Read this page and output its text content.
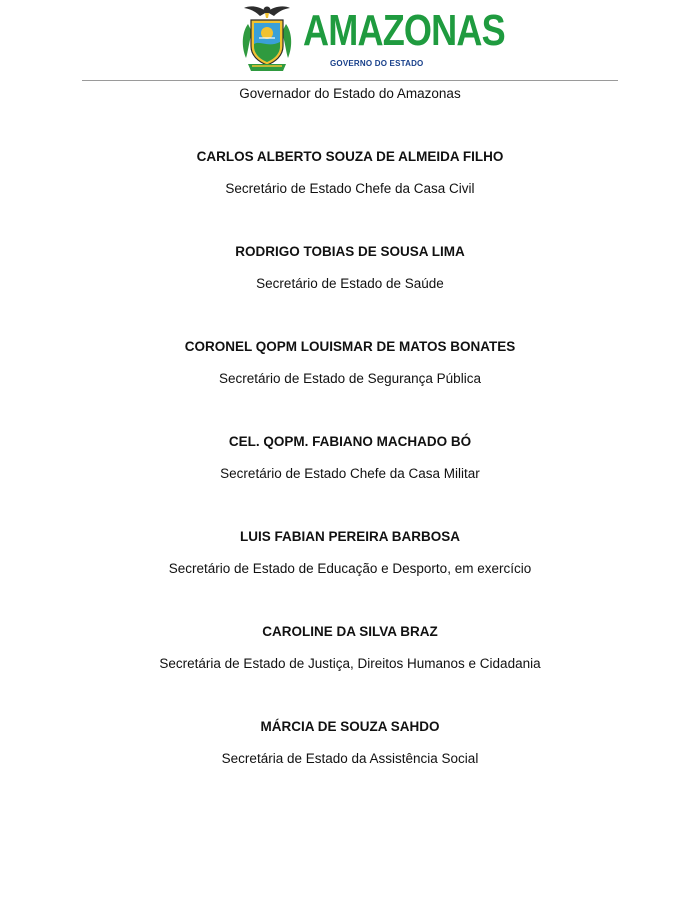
AMAZONAS
GOVERNO DO ESTADO

Governador do Estado do Amazonas

CARLOS ALBERTO SOUZA DE ALMEIDA FILHO

Secretário de Estado Chefe da Casa Civil

RODRIGO TOBIAS DE SOUSA LIMA

Secretário de Estado de Saúde

CORONEL QOPM LOUISMAR DE MATOS BONATES

Secretário de Estado de Segurança Pública

CEL. QOPM. FABIANO MACHADO BÓ

Secretário de Estado Chefe da Casa Militar

LUIS FABIAN PEREIRA BARBOSA

Secretário de Estado de Educação e Desporto, em exercício

CAROLINE DA SILVA BRAZ

Secretária de Estado de Justiça, Direitos Humanos e Cidadania

MÁRCIA DE SOUZA SAHDO

Secretária de Estado da Assistência Social
